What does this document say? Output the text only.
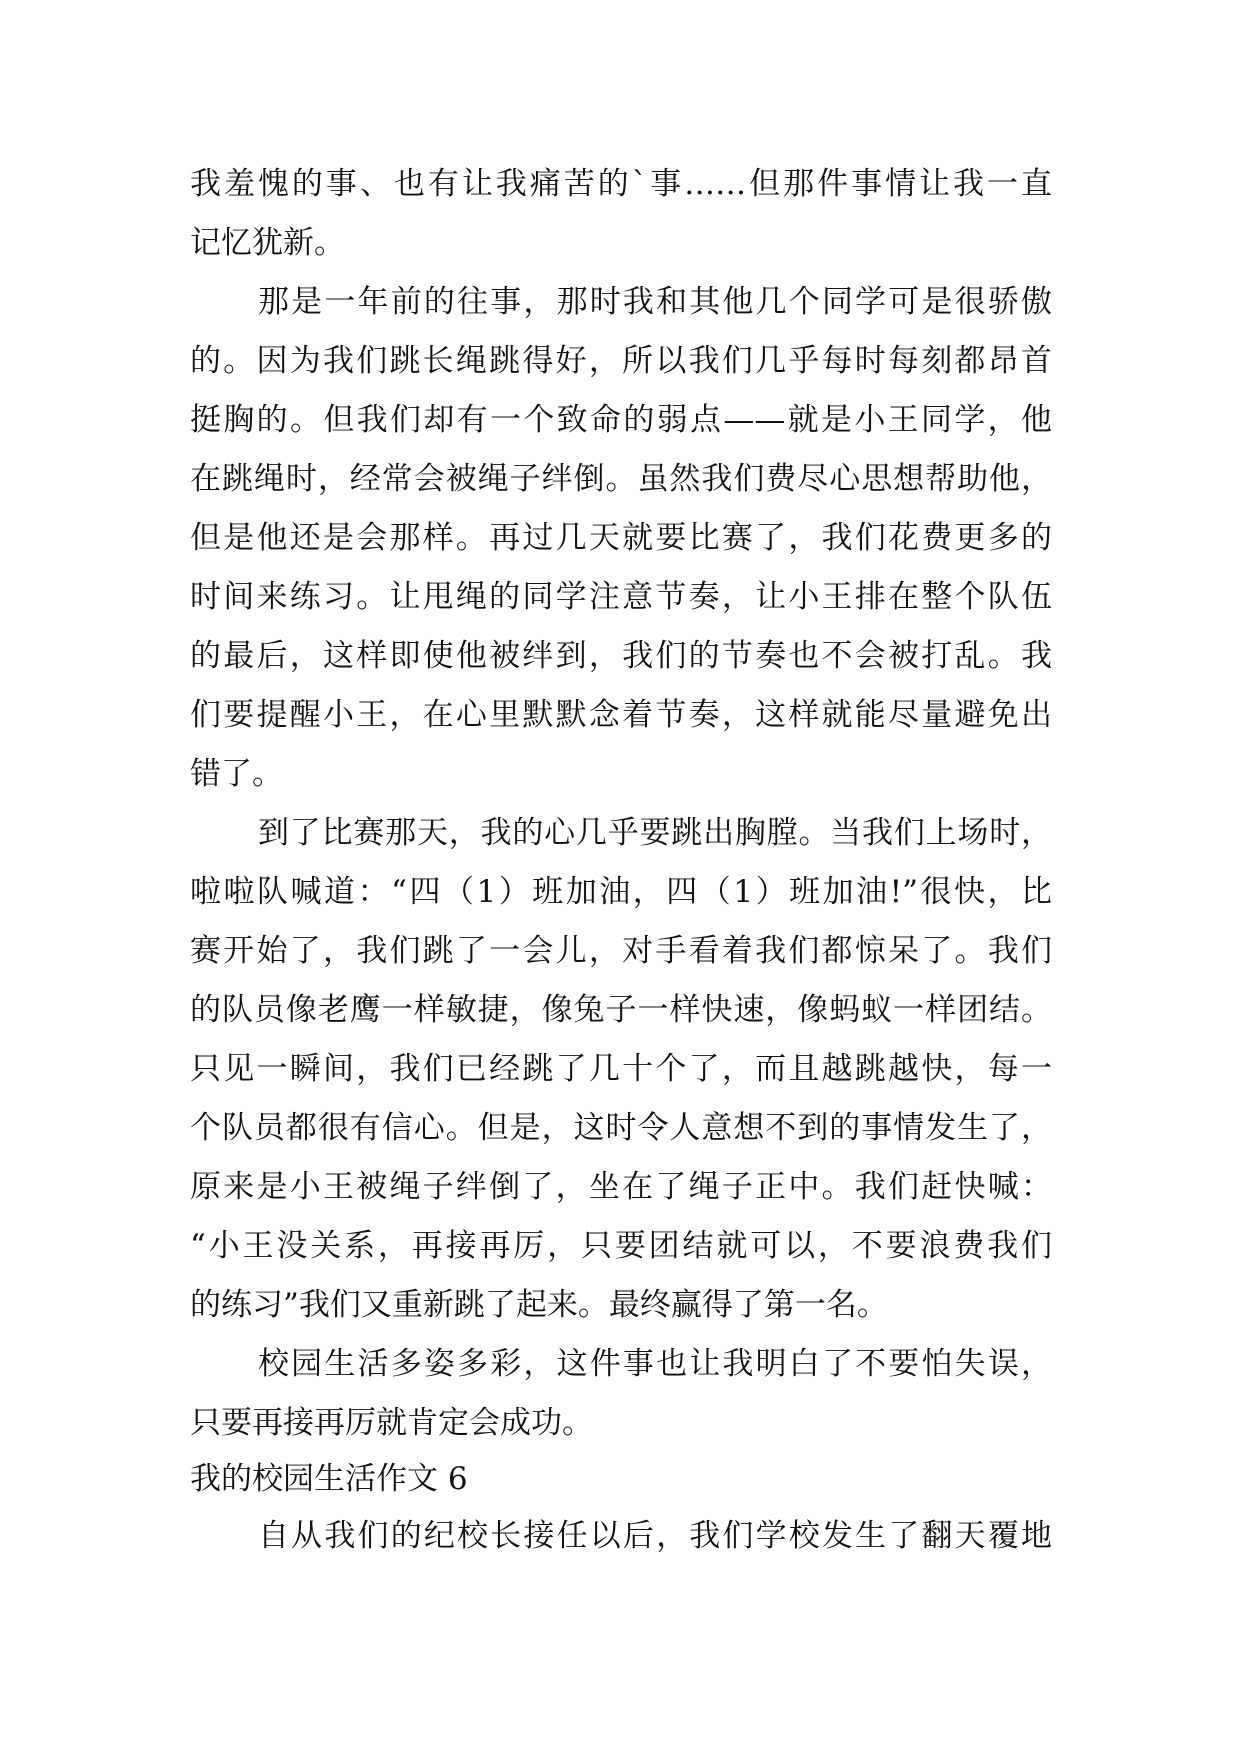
我羞愧的事、也有让我痛苦的`事……但那件事情让我一直
记忆犹新。
那是一年前的往事，那时我和其他几个同学可是很骄傲
的。因为我们跳长绳跳得好，所以我们几乎每时每刻都昂首
挺胸的。但我们却有一个致命的弱点——就是小王同学，他
在跳绳时，经常会被绳子绊倒。虽然我们费尽心思想帮助他，
但是他还是会那样。再过几天就要比赛了，我们花费更多的
时间来练习。让甩绳的同学注意节奏，让小王排在整个队伍
的最后，这样即使他被绊到，我们的节奏也不会被打乱。我
们要提醒小王，在心里默默念着节奏，这样就能尽量避免出
错了。
到了比赛那天，我的心几乎要跳出胸膛。当我们上场时，
啦啦队喊道：“四（1）班加油，四（1）班加油!”很快，比
赛开始了，我们跳了一会儿，对手看着我们都惊呆了。我们
的队员像老鹰一样敏捷，像兔子一样快速，像蚂蚁一样团结。
只见一瞬间，我们已经跳了几十个了，而且越跳越快，每一
个队员都很有信心。但是，这时令人意想不到的事情发生了，
原来是小王被绳子绊倒了，坐在了绳子正中。我们赶快喊：
“小王没关系，再接再厉，只要团结就可以，不要浪费我们
的练习”我们又重新跳了起来。最终赢得了第一名。
校园生活多姿多彩，这件事也让我明白了不要怕失误，
只要再接再厉就肯定会成功。
我的校园生活作文 6
自从我们的纪校长接任以后，我们学校发生了翻天覆地
